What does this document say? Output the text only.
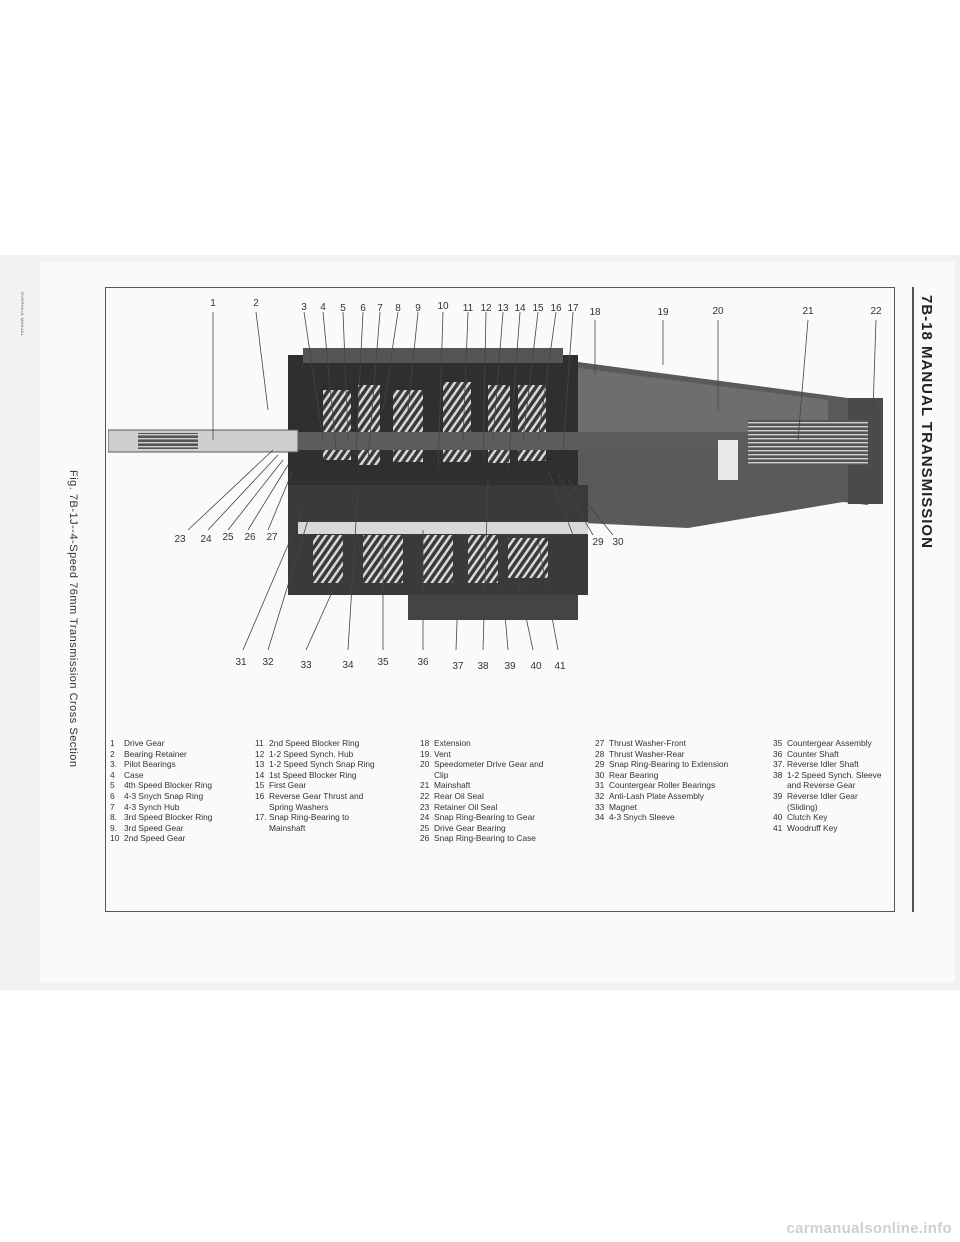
7B-18 MANUAL TRANSMISSION
Fig. 7B-1J--4-Speed 76mm Transmission Cross Section
OVERHAUL MANUAL	1	2	3 4 5 6 7 8 9 10 11 12 13 14 15 16 17 18	19	20	21	22
23 24 25 26 27	28 29 30
31 32	33	34 35	36 37 38 39 40 41
1	Drive Gear
2	Bearing Retainer
3. Pilot Bearings
4	Case
5	4th Speed Blocker Ring
6	4-3 Snych Snap Ring
7	4-3 Synch Hub
8. 3rd Speed Blocker Ring
9. 3rd Speed Gear
10 2nd Speed Gear
11 2nd Speed Blocker Ring
12 1-2 Speed Synch. Hub
13 1-2 Speed Synch Snap Ring
14 1st Speed Blocker Ring
15 First Gear
16 Reverse Gear Thrust and Spring Washers
17. Snap Ring-Bearing to Mainshaft
18 Extension
19. Vent
20 Speedometer Drive Gear and Clip
21 Mainshaft
22 Rear Oil Seal
23 Retainer Oil Seal
24 Snap Ring-Bearing to Gear
25 Drive Gear Bearing
26 Snap Ring-Bearing to Case
27 Thrust Washer-Front
28 Thrust Washer-Rear
29 Snap Ring-Bearing to Extension
30 Rear Bearing
31 Countergear Roller Bearings
32 Anti-Lash Plate Assembly
33 Magnet
34 4-3 Snych Sleeve
35 Countergear Assembly
36 Counter Shaft
37. Reverse Idler Shaft
38 1-2 Speed Synch. Sleeve and Reverse Gear
39 Reverse Idler Gear (Sliding)
40 Clutch Key
41 Woodruff Key
carmanualsonline.info
